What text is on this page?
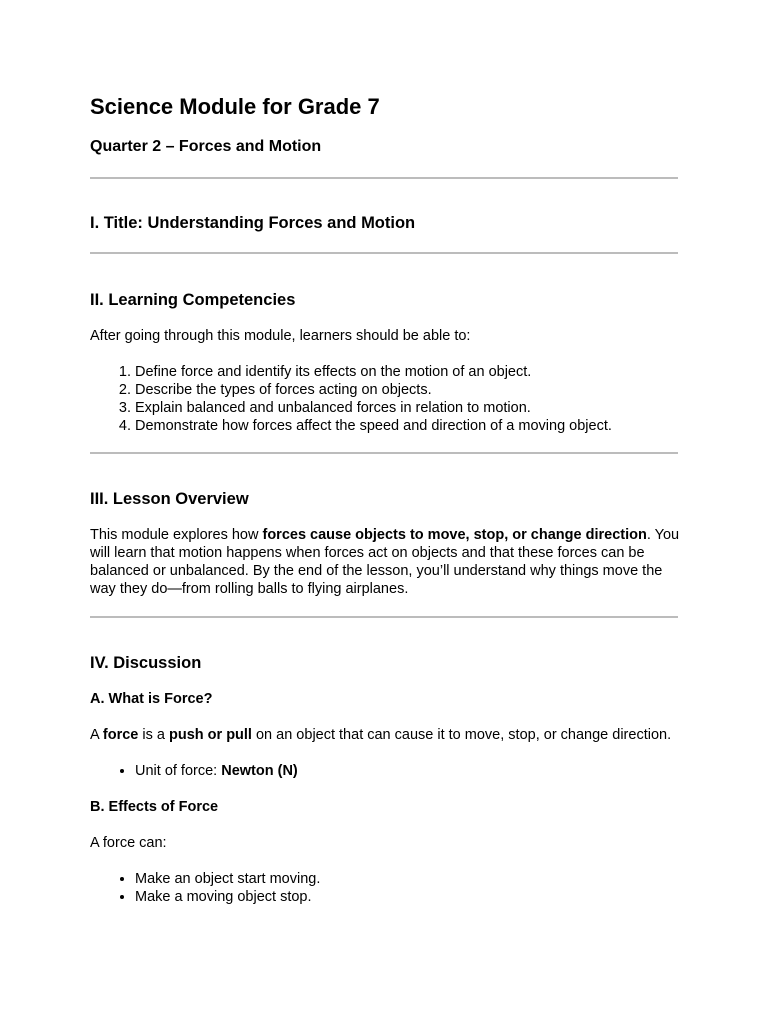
Science Module for Grade 7
Quarter 2 – Forces and Motion
I. Title: Understanding Forces and Motion
II. Learning Competencies

After going through this module, learners should be able to:

1. Define force and identify its effects on the motion of an object.
2. Describe the types of forces acting on objects.
3. Explain balanced and unbalanced forces in relation to motion.
4. Demonstrate how forces affect the speed and direction of a moving object.
III. Lesson Overview

This module explores how forces cause objects to move, stop, or change direction. You will learn that motion happens when forces act on objects and that these forces can be balanced or unbalanced. By the end of the lesson, you’ll understand why things move the way they do—from rolling balls to flying airplanes.

IV. Discussion
A. What is Force?

A force is a push or pull on an object that can cause it to move, stop, or change direction.

• Unit of force: Newton (N)
B. Effects of Force

A force can:

• Make an object start moving.
• Make a moving object stop.
